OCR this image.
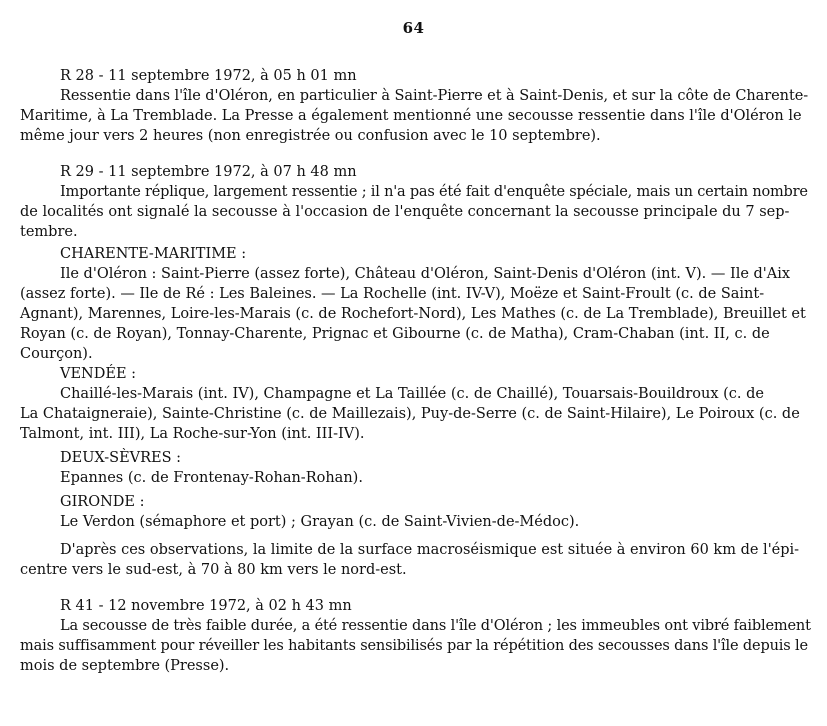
64
R 28 - 11 septembre 1972, à 05 h 01 mn
Ressentie dans l'île d'Oléron, en particulier à Saint-Pierre et à Saint-Denis, et sur la côte de Charente-
Maritime, à La Tremblade. La Presse a également mentionné une secousse ressentie dans l'île d'Oléron le
même jour vers 2 heures (non enregistrée ou confusion avec le 10 septembre).
R 29 - 11 septembre 1972, à 07 h 48 mn
Importante réplique, largement ressentie ; il n'a pas été fait d'enquête spéciale, mais un certain nombre
de localités ont signalé la secousse à l'occasion de l'enquête concernant la secousse principale du 7 sep-
tembre.
CHARENTE-MARITIME :
Ile d'Oléron : Saint-Pierre (assez forte), Château d'Oléron, Saint-Denis d'Oléron (int. V). — Ile d'Aix
(assez forte). — Ile de Ré : Les Baleines. — La Rochelle (int. IV-V), Moëze et Saint-Froult (c. de Saint-
Agnant), Marennes, Loire-les-Marais (c. de Rochefort-Nord), Les Mathes (c. de La Tremblade), Breuillet et
Royan (c. de Royan), Tonnay-Charente, Prignac et Gibourne (c. de Matha), Cram-Chaban (int. II, c. de
Courçon).
VENDÉE :
Chaillé-les-Marais (int. IV), Champagne et La Taillée (c. de Chaillé), Touarsais-Bouildroux (c. de
La Chataigneraie), Sainte-Christine (c. de Maillezais), Puy-de-Serre (c. de Saint-Hilaire), Le Poiroux (c. de
Talmont, int. III), La Roche-sur-Yon (int. III-IV).
DEUX-SÈVRES :
Epannes (c. de Frontenay-Rohan-Rohan).
GIRONDE :
Le Verdon (sémaphore et port) ; Grayan (c. de Saint-Vivien-de-Médoc).
D'après ces observations, la limite de la surface macroséismique est située à environ 60 km de l'épi-
centre vers le sud-est, à 70 à 80 km vers le nord-est.
R 41 - 12 novembre 1972, à 02 h 43 mn
La secousse de très faible durée, a été ressentie dans l'île d'Oléron ; les immeubles ont vibré faiblement
mais suffisamment pour réveiller les habitants sensibilisés par la répétition des secousses dans l'île depuis le
mois de septembre (Presse).
